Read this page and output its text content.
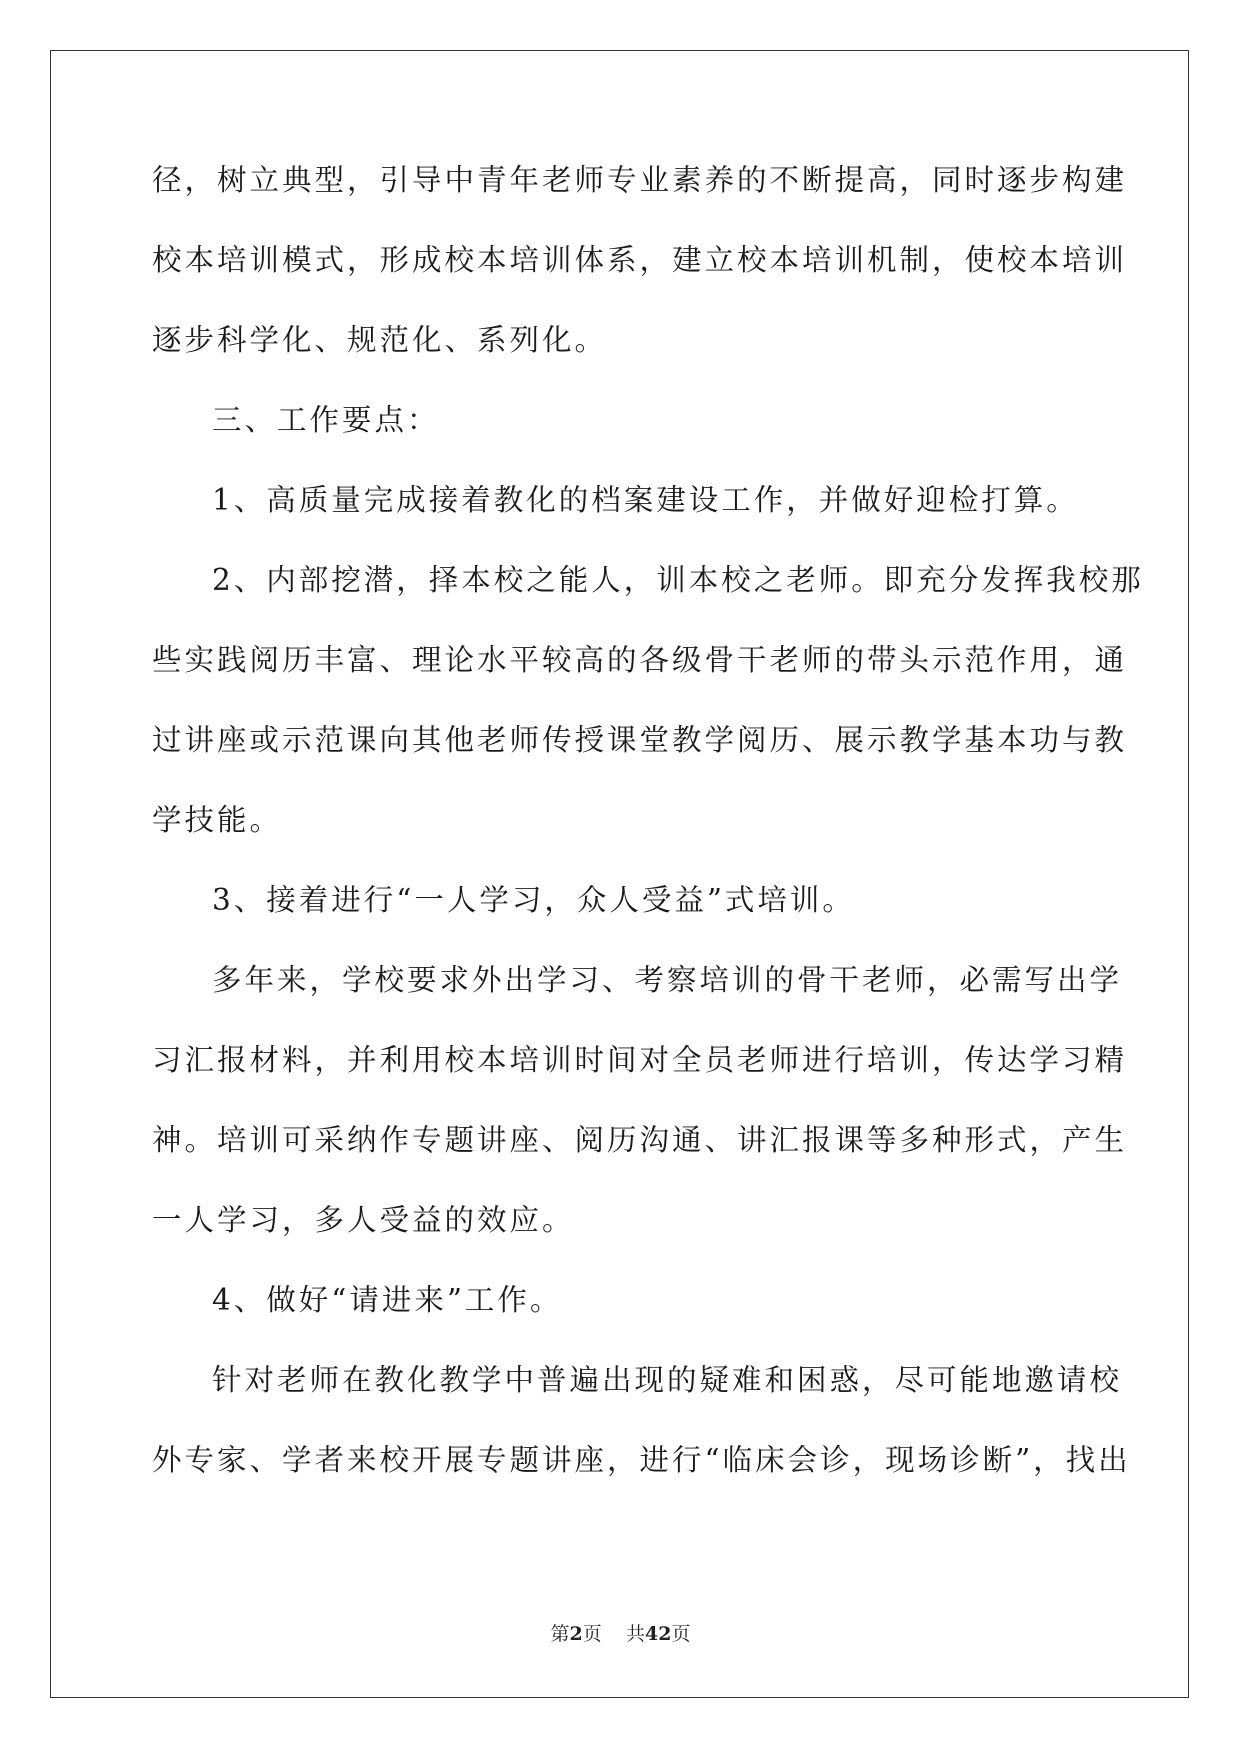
径，树立典型，引导中青年老师专业素养的不断提高，同时逐步构建
校本培训模式，形成校本培训体系，建立校本培训机制，使校本培训
逐步科学化、规范化、系列化。
三、工作要点：
1、高质量完成接着教化的档案建设工作，并做好迎检打算。
2、内部挖潜，择本校之能人，训本校之老师。即充分发挥我校那
些实践阅历丰富、理论水平较高的各级骨干老师的带头示范作用，通
过讲座或示范课向其他老师传授课堂教学阅历、展示教学基本功与教
学技能。
3、接着进行“一人学习，众人受益”式培训。
多年来，学校要求外出学习、考察培训的骨干老师，必需写出学
习汇报材料，并利用校本培训时间对全员老师进行培训，传达学习精
神。培训可采纳作专题讲座、阅历沟通、讲汇报课等多种形式，产生
一人学习，多人受益的效应。
4、做好“请进来”工作。
针对老师在教化教学中普遍出现的疑难和困惑，尽可能地邀请校
外专家、学者来校开展专题讲座，进行“临床会诊，现场诊断”，找出
第2页 共42页
